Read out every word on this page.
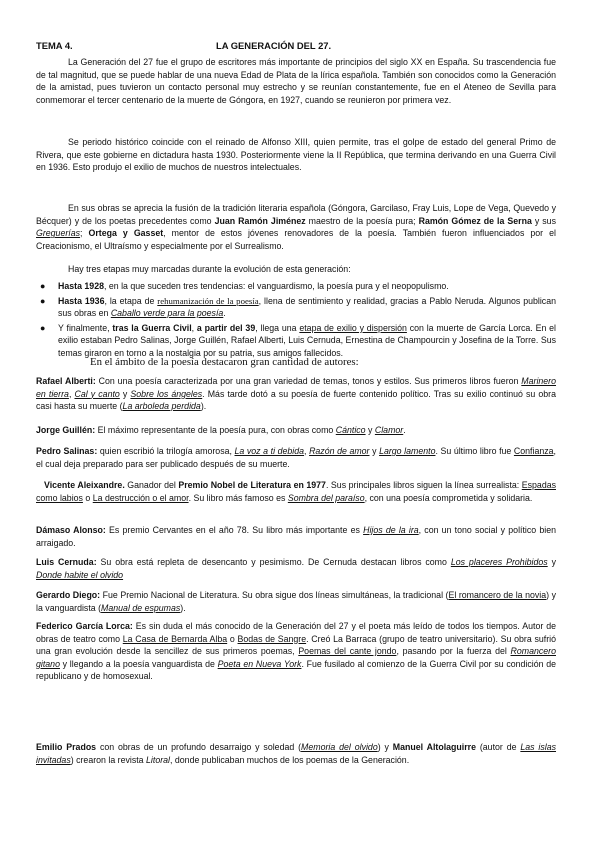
TEMA 4.	LA GENERACIÓN DEL 27.
La Generación del 27 fue el grupo de escritores más importante de principios del siglo XX en España. Su trascendencia fue de tal magnitud, que se puede hablar de una nueva Edad de Plata de la lírica española. También son conocidos como la Generación de la amistad, pues tuvieron un contacto personal muy estrecho y se reunían constantemente, fue en el Ateneo de Sevilla para conmemorar el tercer centenario de la muerte de Góngora, en 1927, cuando se reunieron por primera vez.
Se periodo histórico coincide con el reinado de Alfonso XIII, quien permite, tras el golpe de estado del general Primo de Rivera, que este gobierne en dictadura hasta 1930. Posteriormente viene la II República, que termina derivando en una Guerra Civil en 1936. Esto produjo el exilio de muchos de nuestros intelectuales.
En sus obras se aprecia la fusión de la tradición literaria española (Góngora, Garcilaso, Fray Luis, Lope de Vega, Quevedo y Bécquer) y de los poetas precedentes como Juan Ramón Jiménez maestro de la poesía pura; Ramón Gómez de la Serna y sus Greguerías; Ortega y Gasset, mentor de estos jóvenes renovadores de la poesía. También fueron influenciados por el Creacionismo, el Ultraísmo y especialmente por el Surrealismo.
Hay tres etapas muy marcadas durante la evolución de esta generación:
● Hasta 1928, en la que suceden tres tendencias: el vanguardismo, la poesía pura y el neopopulismo.
● Hasta 1936, la etapa de rehumanización de la poesía, llena de sentimiento y realidad, gracias a Pablo Neruda. Algunos publican sus obras en Caballo verde para la poesía.
● Y finalmente, tras la Guerra Civil, a partir del 39, llega una etapa de exilio y dispersión con la muerte de García Lorca. En el exilio estaban Pedro Salinas, Jorge Guillén, Rafael Alberti, Luis Cernuda, Ernestina de Champourcin y Josefina de la Torre. Sus temas giraron en torno a la nostalgia por su patria, sus amigos fallecidos.
En el ámbito de la poesía destacaron gran cantidad de autores:
Rafael Alberti: Con una poesía caracterizada por una gran variedad de temas, tonos y estilos. Sus primeros libros fueron Marinero en tierra, Cal y canto y Sobre los ángeles. Más tarde dotó a su poesía de fuerte contenido político. Tras su exilio continuó su obra casi hasta su muerte (La arboleda perdida).
Jorge Guillén: El máximo representante de la poesía pura, con obras como Cántico y Clamor.
Pedro Salinas: quien escribió la trilogía amorosa, La voz a ti debida, Razón de amor y Largo lamento. Su último libro fue Confianza, el cual deja preparado para ser publicado después de su muerte.
Vicente Aleixandre. Ganador del Premio Nobel de Literatura en 1977. Sus principales libros siguen la línea surrealista: Espadas como labios o La destrucción o el amor. Su libro más famoso es Sombra del paraíso, con una poesía comprometida y solidaria.
Dámaso Alonso: Es premio Cervantes en el año 78. Su libro más importante es Hijos de la ira, con un tono social y político bien arraigado.
Luis Cernuda: Su obra está repleta de desencanto y pesimismo. De Cernuda destacan libros como Los placeres Prohibidos y Donde habite el olvido
Gerardo Diego: Fue Premio Nacional de Literatura. Su obra sigue dos líneas simultáneas, la tradicional (El romancero de la novia) y la vanguardista (Manual de espumas).
Federico García Lorca: Es sin duda el más conocido de la Generación del 27 y el poeta más leído de todos los tiempos. Autor de obras de teatro como La Casa de Bernarda Alba o Bodas de Sangre. Creó La Barraca (grupo de teatro universitario). Su obra sufrió una gran evolución desde la sencillez de sus primeros poemas, Poemas del cante jondo, pasando por la fuerza del Romancero gitano y llegando a la poesía vanguardista de Poeta en Nueva York. Fue fusilado al comienzo de la Guerra Civil por su condición de republicano y de homosexual.
Emilio Prados con obras de un profundo desarraigo y soledad (Memoria del olvido) y Manuel Altolaguirre (autor de Las islas invitadas) crearon la revista Litoral, donde publicaban muchos de los poemas de la Generación.
